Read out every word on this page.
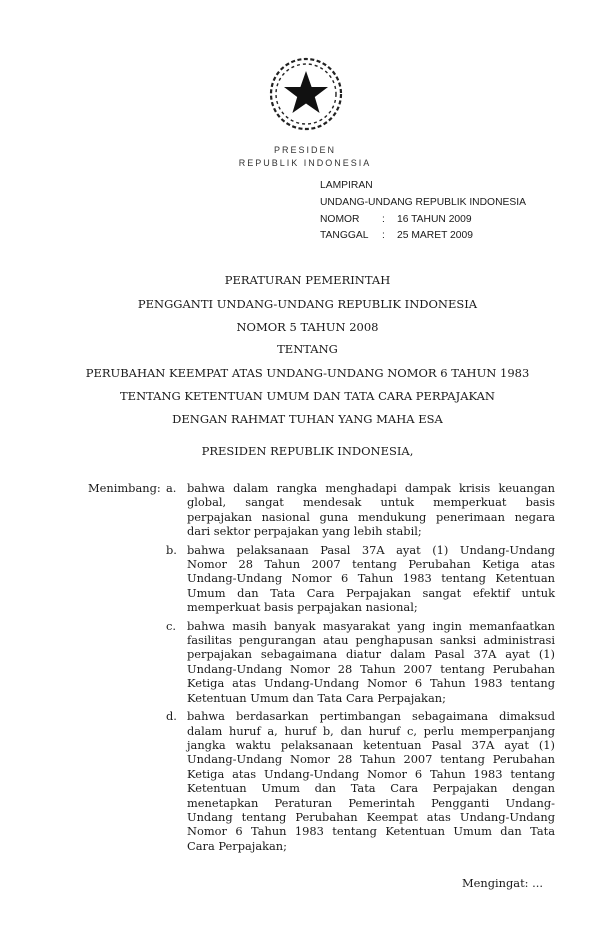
PRESIDEN
REPUBLIK INDONESIA
LAMPIRAN
UNDANG-UNDANG REPUBLIK INDONESIA
NOMOR : 16 TAHUN 2009
TANGGAL : 25 MARET 2009
PERATURAN PEMERINTAH
PENGGANTI UNDANG-UNDANG REPUBLIK INDONESIA
NOMOR 5 TAHUN 2008
TENTANG
PERUBAHAN KEEMPAT ATAS UNDANG-UNDANG NOMOR 6 TAHUN 1983
TENTANG KETENTUAN UMUM DAN TATA CARA PERPAJAKAN
DENGAN RAHMAT TUHAN YANG MAHA ESA
PRESIDEN REPUBLIK INDONESIA,
Menimbang: a. bahwa dalam rangka menghadapi dampak krisis keuangan
global, sangat mendesak untuk memperkuat basis
perpajakan nasional guna mendukung penerimaan negara
dari sektor perpajakan yang lebih stabil;
b. bahwa pelaksanaan Pasal 37A ayat (1) Undang-Undang
Nomor 28 Tahun 2007 tentang Perubahan Ketiga atas
Undang-Undang Nomor 6 Tahun 1983 tentang Ketentuan
Umum dan Tata Cara Perpajakan sangat efektif untuk
memperkuat basis perpajakan nasional;
c. bahwa masih banyak masyarakat yang ingin memanfaatkan
fasilitas pengurangan atau penghapusan sanksi administrasi
perpajakan sebagaimana diatur dalam Pasal 37A ayat (1)
Undang-Undang Nomor 28 Tahun 2007 tentang Perubahan
Ketiga atas Undang-Undang Nomor 6 Tahun 1983 tentang
Ketentuan Umum dan Tata Cara Perpajakan;
d. bahwa berdasarkan pertimbangan sebagaimana dimaksud
dalam huruf a, huruf b, dan huruf c, perlu memperpanjang
jangka waktu pelaksanaan ketentuan Pasal 37A ayat (1)
Undang-Undang Nomor 28 Tahun 2007 tentang Perubahan
Ketiga atas Undang-Undang Nomor 6 Tahun 1983 tentang
Ketentuan Umum dan Tata Cara Perpajakan dengan
menetapkan Peraturan Pemerintah Pengganti Undang-
Undang tentang Perubahan Keempat atas Undang-Undang
Nomor 6 Tahun 1983 tentang Ketentuan Umum dan Tata
Cara Perpajakan;
Mengingat: ...
